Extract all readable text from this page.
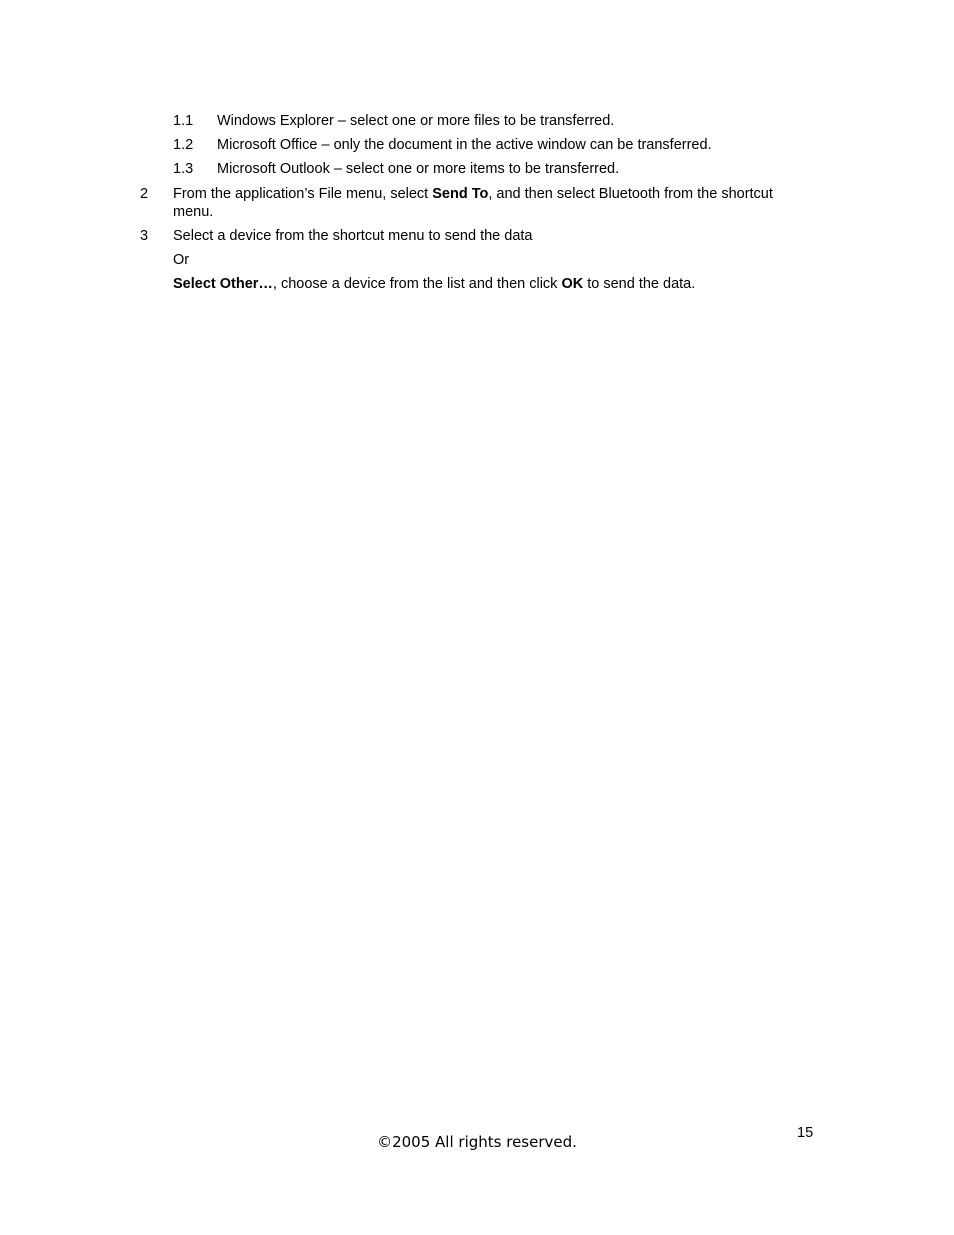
1.1 Windows Explorer – select one or more files to be transferred.
1.2 Microsoft Office – only the document in the active window can be transferred.
1.3 Microsoft Outlook – select one or more items to be transferred.
2 From the application’s File menu, select Send To, and then select Bluetooth from the shortcut menu.
3 Select a device from the shortcut menu to send the data
Or
Select Other…, choose a device from the list and then click OK to send the data.
15
©2005 All rights reserved.
